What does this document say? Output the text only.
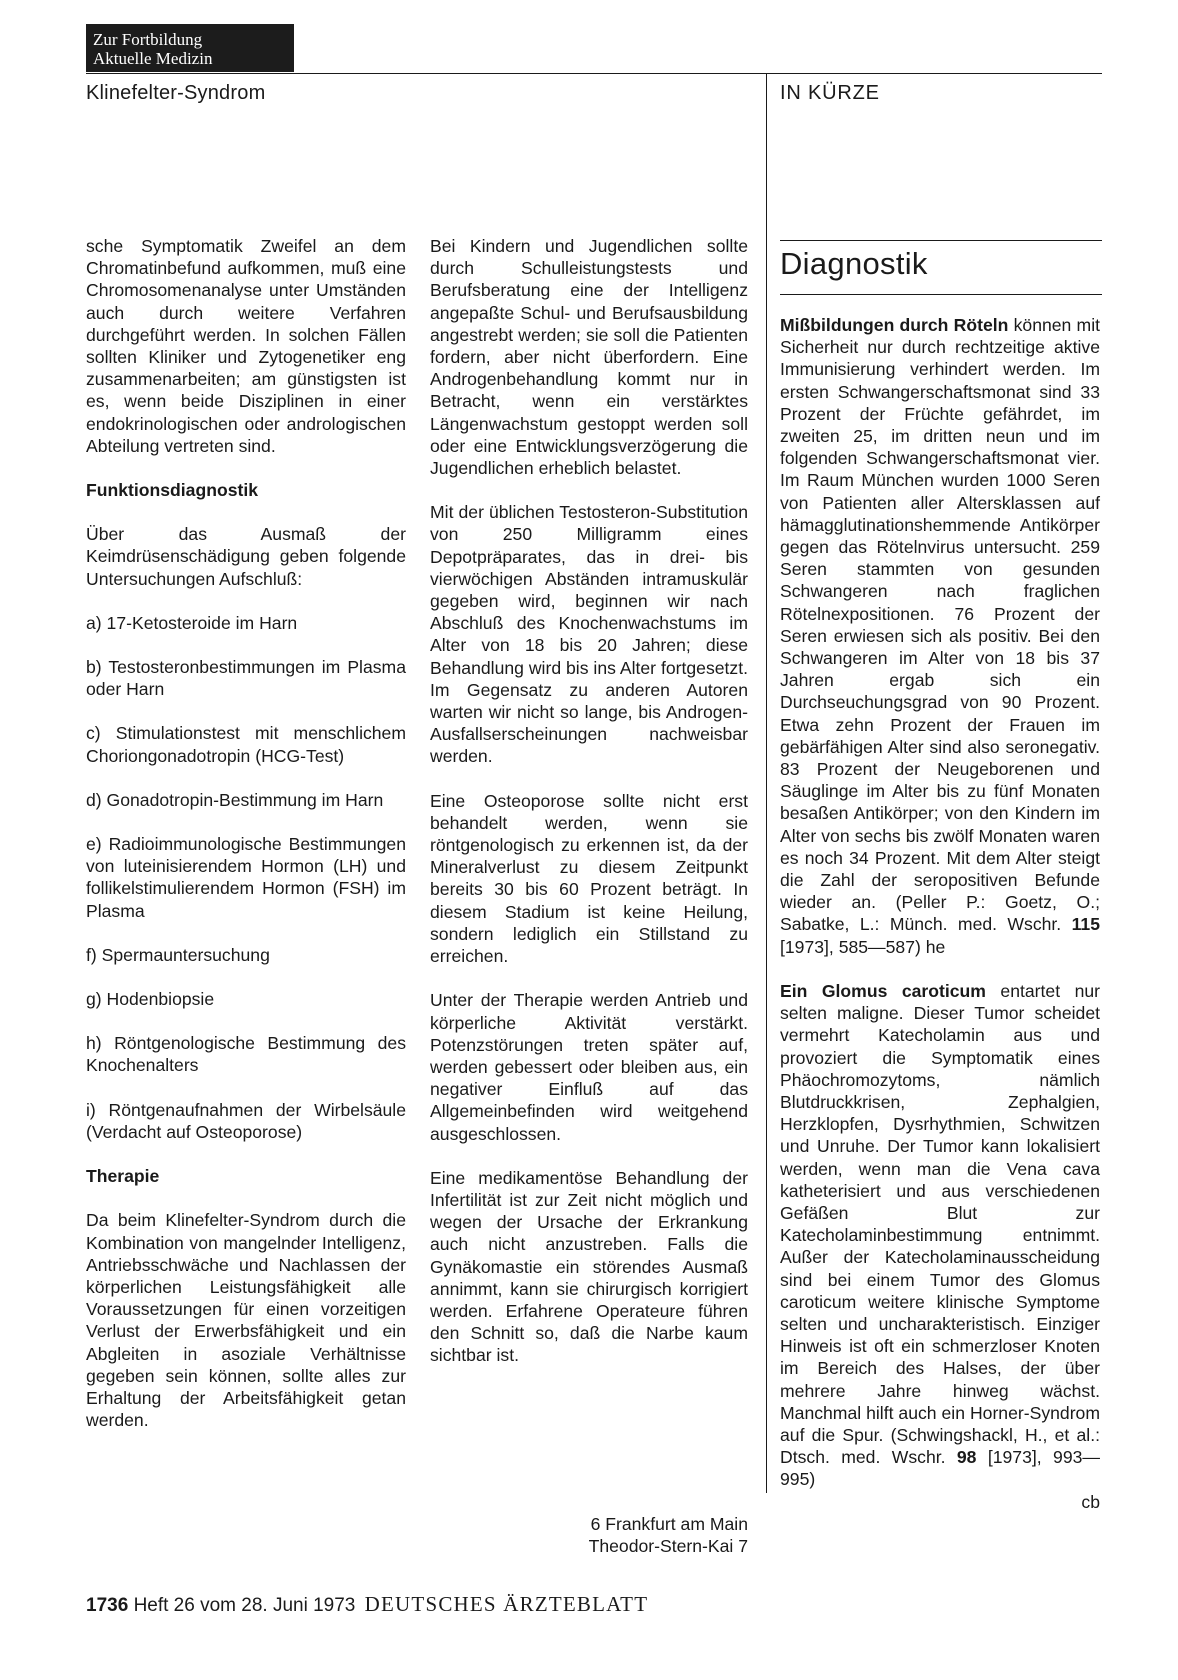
Zur Fortbildung
Aktuelle Medizin
Klinefelter-Syndrom	IN KÜRZE

sche Symptomatik Zweifel an dem Chromatinbefund aufkommen, muß eine Chromosomenanalyse unter Umständen auch durch weitere Verfahren durchgeführt werden. In solchen Fällen sollten Kliniker und Zytogenetiker eng zusammenarbeiten; am günstigsten ist es, wenn beide Disziplinen in einer endokrinologischen oder andrologischen Abteilung vertreten sind.

Funktionsdiagnostik

Über das Ausmaß der Keimdrüsenschädigung geben folgende Untersuchungen Aufschluß:

a) 17-Ketosteroide im Harn

b) Testosteronbestimmungen im Plasma oder Harn

c) Stimulationstest mit menschlichem Choriongonadotropin (HCG-Test)

d) Gonadotropin-Bestimmung im Harn

e) Radioimmunologische Bestimmungen von luteinisierendem Hormon (LH) und follikelstimulierendem Hormon (FSH) im Plasma

f) Spermauntersuchung

g) Hodenbiopsie

h) Röntgenologische Bestimmung des Knochenalters

i) Röntgenaufnahmen der Wirbelsäule (Verdacht auf Osteoporose)

Therapie

Da beim Klinefelter-Syndrom durch die Kombination von mangelnder Intelligenz, Antriebsschwäche und Nachlassen der körperlichen Leistungsfähigkeit alle Voraussetzungen für einen vorzeitigen Verlust der Erwerbsfähigkeit und ein Abgleiten in asoziale Verhältnisse gegeben sein können, sollte alles zur Erhaltung der Arbeitsfähigkeit getan werden.

Bei Kindern und Jugendlichen sollte durch Schulleistungstests und Berufsberatung eine der Intelligenz angepaßte Schul- und Berufsausbildung angestrebt werden; sie soll die Patienten fordern, aber nicht überfordern. Eine Androgenbehandlung kommt nur in Betracht, wenn ein verstärktes Längenwachstum gestoppt werden soll oder eine Entwicklungsverzögerung die Jugendlichen erheblich belastet.

Mit der üblichen Testosteron-Substitution von 250 Milligramm eines Depotpräparates, das in drei- bis vierwöchigen Abständen intramuskulär gegeben wird, beginnen wir nach Abschluß des Knochenwachstums im Alter von 18 bis 20 Jahren; diese Behandlung wird bis ins Alter fortgesetzt. Im Gegensatz zu anderen Autoren warten wir nicht so lange, bis Androgen-Ausfallserscheinungen nachweisbar werden.

Eine Osteoporose sollte nicht erst behandelt werden, wenn sie röntgenologisch zu erkennen ist, da der Mineralverlust zu diesem Zeitpunkt bereits 30 bis 60 Prozent beträgt. In diesem Stadium ist keine Heilung, sondern lediglich ein Stillstand zu erreichen.

Unter der Therapie werden Antrieb und körperliche Aktivität verstärkt. Potenzstörungen treten später auf, werden gebessert oder bleiben aus, ein negativer Einfluß auf das Allgemeinbefinden wird weitgehend ausgeschlossen.

Eine medikamentöse Behandlung der Infertilität ist zur Zeit nicht möglich und wegen der Ursache der Erkrankung auch nicht anzustreben. Falls die Gynäkomastie ein störendes Ausmaß annimmt, kann sie chirurgisch korrigiert werden. Erfahrene Operateure führen den Schnitt so, daß die Narbe kaum sichtbar ist.

6 Frankfurt am Main
Theodor-Stern-Kai 7
Diagnostik

Mißbildungen durch Röteln können mit Sicherheit nur durch rechtzeitige aktive Immunisierung verhindert werden. Im ersten Schwangerschaftsmonat sind 33 Prozent der Früchte gefährdet, im zweiten 25, im dritten neun und im folgenden Schwangerschaftsmonat vier. Im Raum München wurden 1000 Seren von Patienten aller Altersklassen auf hämagglutinationshemmende Antikörper gegen das Rötelnvirus untersucht. 259 Seren stammten von gesunden Schwangeren nach fraglichen Rötelnexpositionen. 76 Prozent der Seren erwiesen sich als positiv. Bei den Schwangeren im Alter von 18 bis 37 Jahren ergab sich ein Durchseuchungsgrad von 90 Prozent. Etwa zehn Prozent der Frauen im gebärfähigen Alter sind also seronegativ. 83 Prozent der Neugeborenen und Säuglinge im Alter bis zu fünf Monaten besaßen Antikörper; von den Kindern im Alter von sechs bis zwölf Monaten waren es noch 34 Prozent. Mit dem Alter steigt die Zahl der seropositiven Befunde wieder an. (Peller P.: Goetz, O.; Sabatke, L.: Münch. med. Wschr. 115 [1973], 585—587) he

Ein Glomus caroticum entartet nur selten maligne. Dieser Tumor scheidet vermehrt Katecholamin aus und provoziert die Symptomatik eines Phäochromozytoms, nämlich Blutdruckkrisen, Zephalgien, Herzklopfen, Dysrhythmien, Schwitzen und Unruhe. Der Tumor kann lokalisiert werden, wenn man die Vena cava katheterisiert und aus verschiedenen Gefäßen Blut zur Katecholaminbestimmung entnimmt. Außer der Katecholaminausscheidung sind bei einem Tumor des Glomus caroticum weitere klinische Symptome selten und uncharakteristisch. Einziger Hinweis ist oft ein schmerzloser Knoten im Bereich des Halses, der über mehrere Jahre hinweg wächst. Manchmal hilft auch ein Horner-Syndrom auf die Spur. (Schwingshackl, H., et al.: Dtsch. med. Wschr. 98 [1973], 993—995)

cb
1736 Heft 26 vom 28. Juni 1973 DEUTSCHES ÄRZTEBLATT
